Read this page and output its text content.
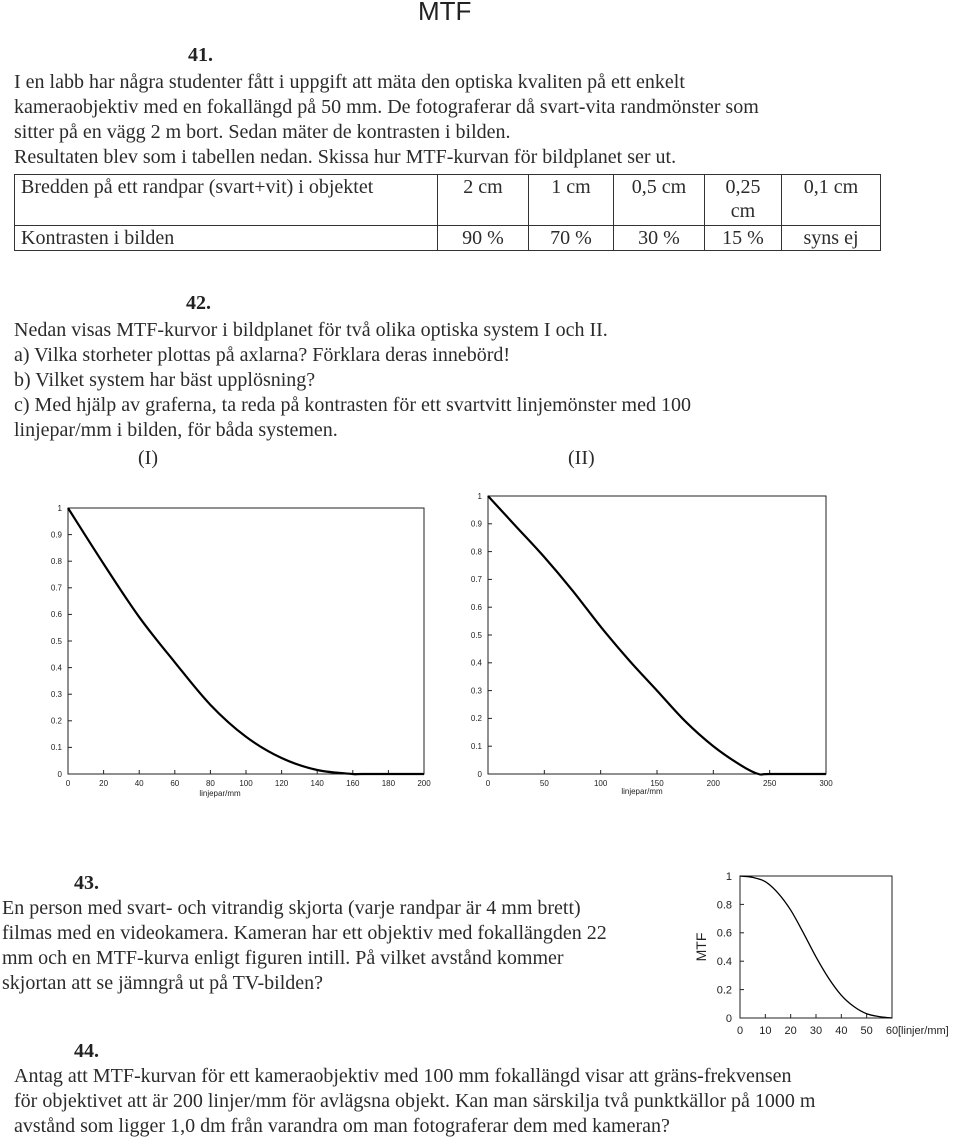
MTF
41.
I en labb har några studenter fått i uppgift att mäta den optiska kvaliten på ett enkelt
kameraobjektiv med en fokallängd på 50 mm. De fotograferar då svart-vita randmönster som
sitter på en vägg 2 m bort. Sedan mäter de kontrasten i bilden.
Resultaten blev som i tabellen nedan. Skissa hur MTF-kurvan för bildplanet ser ut.
Bredden på ett randpar (svart+vit) i objektet	2 cm	1 cm	0,5 cm	0,25 cm	0,1 cm
Kontrasten i bilden	90 %	70 %	30 %	15 %	syns ej
42.
Nedan visas MTF-kurvor i bildplanet för två olika optiska system I och II.
a) Vilka storheter plottas på axlarna? Förklara deras innebörd!
b) Vilket system har bäst upplösning?
c) Med hjälp av graferna, ta reda på kontrasten för ett svartvitt linjemönster med 100
linjepar/mm i bilden, för båda systemen.
(I)	(II)
0	20	40	60	80	100	120	140	160	180	200
0
0.1
0.2
0.3
0.4
0.5
0.6
0.7
0.8
0.9
1
linjepar/mm
0	50	100	150	200	250	300
0
0.1
0.2
0.3
0.4
0.5
0.6
0.7
0.8
0.9
1
linjepar/mm
43.
En person med svart- och vitrandig skjorta (varje randpar är 4 mm brett)
filmas med en videokamera. Kameran har ett objektiv med fokallängden 22
mm och en MTF-kurva enligt figuren intill. På vilket avstånd kommer
skjortan att se jämngrå ut på TV-bilden?
0 10 20 30 40 50 60
0
0.2
0.4
0.6
0.8
1
[linjer/mm]
MTF
44.
Antag att MTF-kurvan för ett kameraobjektiv med 100 mm fokallängd visar att gräns-frekvensen
för objektivet att är 200 linjer/mm för avlägsna objekt. Kan man särskilja två punktkällor på 1000 m
avstånd som ligger 1,0 dm från varandra om man fotograferar dem med kameran?
